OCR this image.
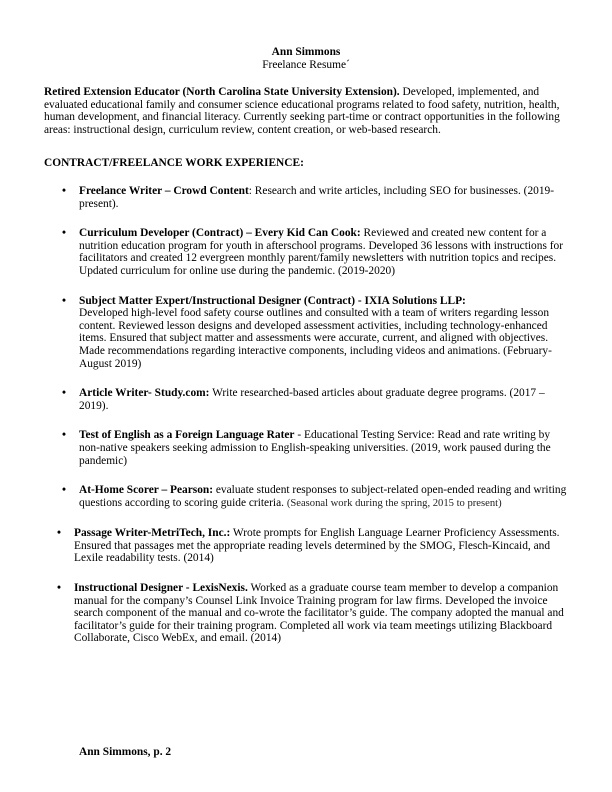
Ann Simmons
Freelance Resume´
Retired Extension Educator (North Carolina State University Extension). Developed, implemented, and evaluated educational family and consumer science educational programs related to food safety, nutrition, health, human development, and financial literacy. Currently seeking part-time or contract opportunities in the following areas: instructional design, curriculum review, content creation, or web-based research.
CONTRACT/FREELANCE WORK EXPERIENCE:
• Freelance Writer – Crowd Content: Research and write articles, including SEO for businesses. (2019-present).
• Curriculum Developer (Contract) – Every Kid Can Cook: Reviewed and created new content for a nutrition education program for youth in afterschool programs. Developed 36 lessons with instructions for facilitators and created 12 evergreen monthly parent/family newsletters with nutrition topics and recipes. Updated curriculum for online use during the pandemic. (2019-2020)
• Subject Matter Expert/Instructional Designer (Contract) - IXIA Solutions LLP:
Developed high-level food safety course outlines and consulted with a team of writers regarding lesson content. Reviewed lesson designs and developed assessment activities, including technology-enhanced items. Ensured that subject matter and assessments were accurate, current, and aligned with objectives. Made recommendations regarding interactive components, including videos and animations. (February-August 2019)
• Article Writer- Study.com: Write researched-based articles about graduate degree programs. (2017 – 2019).
• Test of English as a Foreign Language Rater - Educational Testing Service: Read and rate writing by non-native speakers seeking admission to English-speaking universities. (2019, work paused during the pandemic)
• At-Home Scorer – Pearson: evaluate student responses to subject-related open-ended reading and writing questions according to scoring guide criteria. (Seasonal work during the spring, 2015 to present)
• Passage Writer-MetriTech, Inc.: Wrote prompts for English Language Learner Proficiency Assessments. Ensured that passages met the appropriate reading levels determined by the SMOG, Flesch-Kincaid, and Lexile readability tests. (2014)
• Instructional Designer - LexisNexis. Worked as a graduate course team member to develop a companion manual for the company’s Counsel Link Invoice Training program for law firms. Developed the invoice search component of the manual and co-wrote the facilitator’s guide. The company adopted the manual and facilitator’s guide for their training program. Completed all work via team meetings utilizing Blackboard Collaborate, Cisco WebEx, and email. (2014)
Ann Simmons, p. 2
